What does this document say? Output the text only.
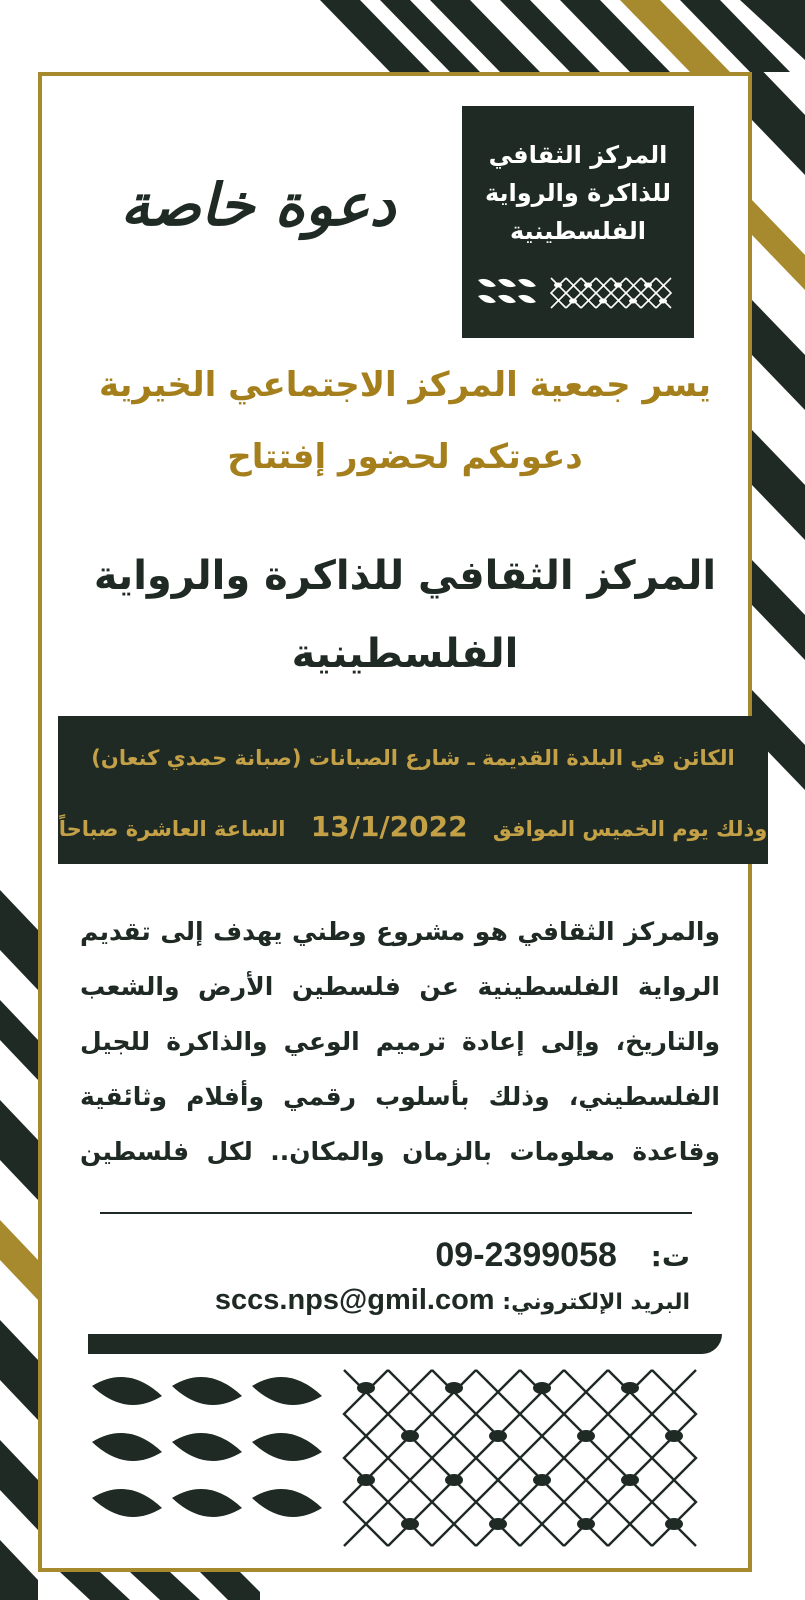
المركز الثقافي
للذاكرة والرواية
الفلسطينية
دعوة خاصة
يسر جمعية المركز الاجتماعي الخيرية
دعوتكم لحضور إفتتاح
المركز الثقافي للذاكرة والرواية
الفلسطينية
الكائن في البلدة القديمة ـ شارع الصبانات (صبانة حمدي كنعان)
وذلك يوم الخميس الموافق 13/1/2022 الساعة العاشرة صباحاً
والمركز الثقافي هو مشروع وطني يهدف إلى تقديم
الرواية الفلسطينية عن فلسطين الأرض والشعب
والتاريخ، وإلى إعادة ترميم الوعي والذاكرة للجيل
الفلسطيني، وذلك بأسلوب رقمي وأفلام وثائقية
وقاعدة معلومات بالزمان والمكان.. لكل فلسطين
ت: 09-2399058
البريد الإلكتروني: sccs.nps@gmil.com
